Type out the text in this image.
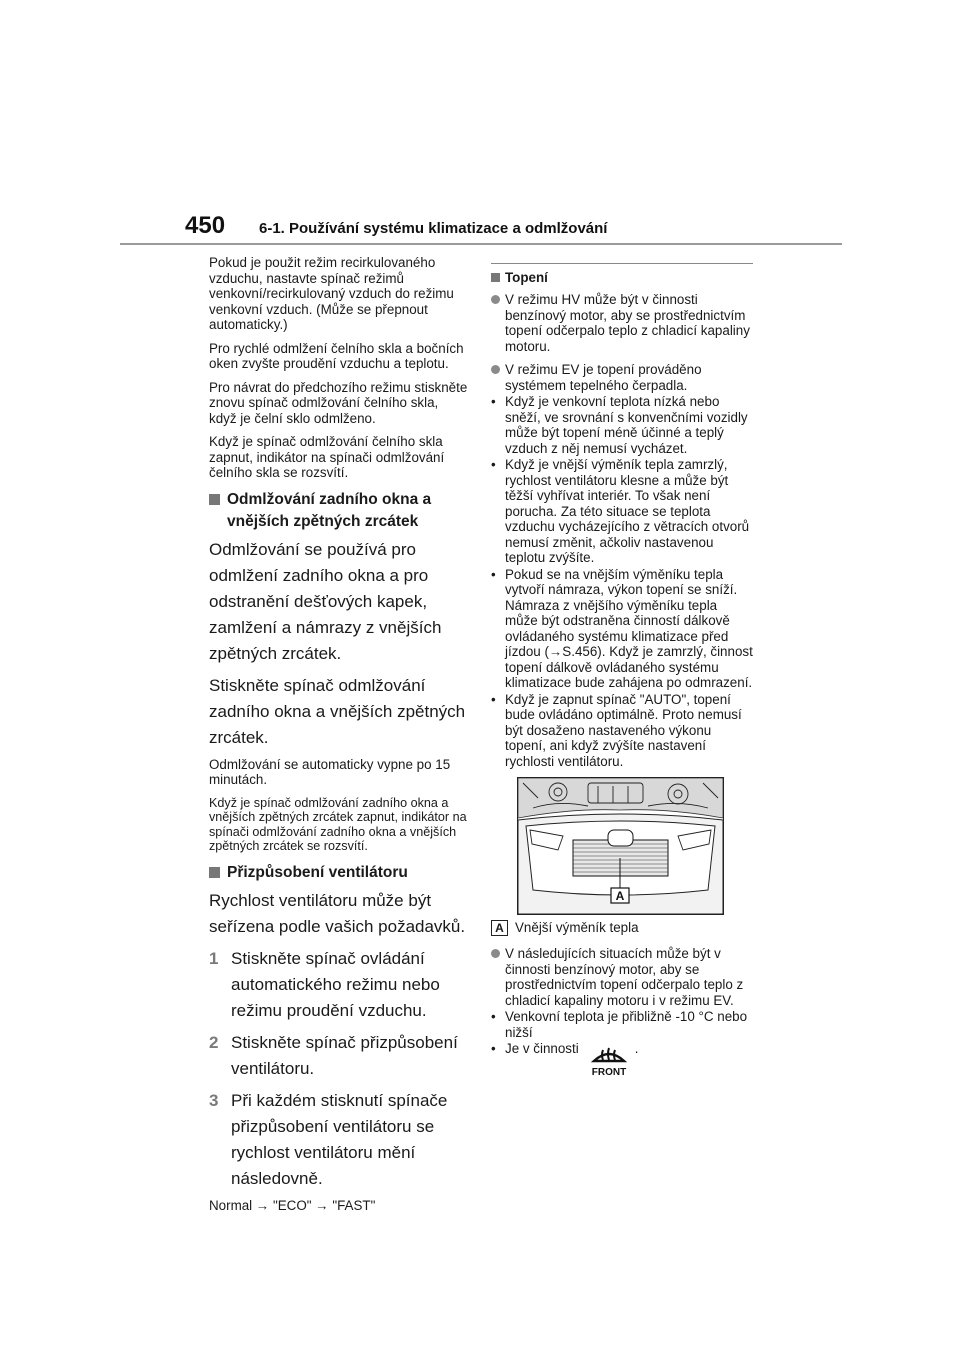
450	6-1. Používání systému klimatizace a odmlžování

Pokud je použit režim recirkulovaného vzduchu, nastavte spínač režimů venkovní/recirkulovaný vzduch do režimu venkovní vzduch. (Může se přepnout automaticky.)

Pro rychlé odmlžení čelního skla a bočních oken zvyšte proudění vzduchu a teplotu.

Pro návrat do předchozího režimu stiskněte znovu spínač odmlžování čelního skla, když je čelní sklo odmlženo.

Když je spínač odmlžování čelního skla zapnut, indikátor na spínači odmlžování čelního skla se rozsvítí.

Odmlžování zadního okna a vnějších zpětných zrcátek

Odmlžování se používá pro odmlžení zadního okna a pro odstranění dešťových kapek, zamlžení a námrazy z vnějších zpětných zrcátek.

Stiskněte spínač odmlžování zadního okna a vnějších zpětných zrcátek.

Odmlžování se automaticky vypne po 15 minutách.

Když je spínač odmlžování zadního okna a vnějších zpětných zrcátek zapnut, indikátor na spínači odmlžování zadního okna a vnějších zpětných zrcátek se rozsvítí.

Přizpůsobení ventilátoru

Rychlost ventilátoru může být seřízena podle vašich požadavků.

1 Stiskněte spínač ovládání automatického režimu nebo režimu proudění vzduchu.
2 Stiskněte spínač přizpůsobení ventilátoru.
3 Při každém stisknutí spínače přizpůsobení ventilátoru se rychlost ventilátoru mění následovně.

Normal → "ECO" → "FAST"

Topení
V režimu HV může být v činnosti benzínový motor, aby se prostřednictvím topení odčerpalo teplo z chladicí kapaliny motoru.
V režimu EV je topení prováděno systémem tepelného čerpadla.
• Když je venkovní teplota nízká nebo sněží, ve srovnání s konvenčními vozidly může být topení méně účinné a teplý vzduch z něj nemusí vycházet.
• Když je vnější výměník tepla zamrzlý, rychlost ventilátoru klesne a může být těžší vyhřívat interiér. To však není porucha. Za této situace se teplota vzduchu vycházejícího z větracích otvorů nemusí změnit, ačkoliv nastavenou teplotu zvýšíte.
• Pokud se na vnějším výměníku tepla vytvoří námraza, výkon topení se sníží. Námraza z vnějšího výměníku tepla může být odstraněna činností dálkově ovládaného systému klimatizace před jízdou (→S.456). Když je zamrzlý, činnost topení dálkově ovládaného systému klimatizace bude zahájena po odmrazení.
• Když je zapnut spínač "AUTO", topení bude ovládáno optimálně. Proto nemusí být dosaženo nastaveného výkonu topení, ani když zvýšíte nastavení rychlosti ventilátoru.
A
A Vnější výměník tepla
V následujících situacích může být v činnosti benzínový motor, aby se prostřednictvím topení odčerpalo teplo z chladicí kapaliny motoru i v režimu EV.
• Venkovní teplota je přibližně -10 °C nebo nižší
• Je v činnosti
FRONT
.
